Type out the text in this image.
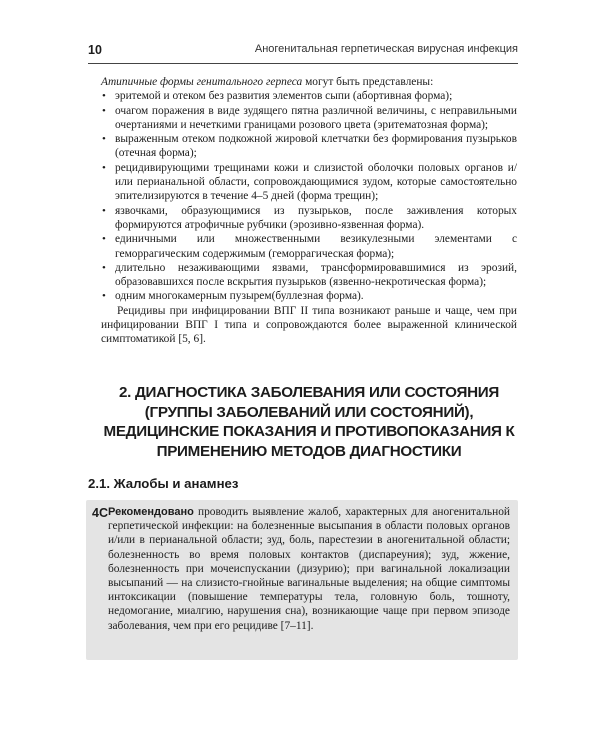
10	Аногенитальная герпетическая вирусная инфекция

Атипичные формы генитального герпеса могут быть представлены:

• эритемой и отеком без развития элементов сыпи (абортивная форма);
• очагом поражения в виде зудящего пятна различной величины, с неправильными очертаниями и нечеткими границами розового цвета (эритематозная форма);
• выраженным отеком подкожной жировой клетчатки без формирования пузырьков (отечная форма);
• рецидивирующими трещинами кожи и слизистой оболочки половых органов и/или перианальной области, сопровождающимися зудом, которые самостоятельно эпителизируются в течение 4–5 дней (форма трещин);
• язвочками, образующимися из пузырьков, после заживления которых формируются атрофичные рубчики (эрозивно-язвенная форма).
• единичными или множественными везикулезными элементами с геморрагическим содержимым (геморрагическая форма);
• длительно незаживающими язвами, трансформировавшимися из эрозий, образовавшихся после вскрытия пузырьков (язвенно-некротическая форма);
• одним многокамерным пузырем(буллезная форма).

Рецидивы при инфицировании ВПГ II типа возникают раньше и чаще, чем при инфицировании ВПГ I типа и сопровождаются более выраженной клинической симптоматикой [5, 6].

2. ДИАГНОСТИКА ЗАБОЛЕВАНИЯ ИЛИ СОСТОЯНИЯ (ГРУППЫ ЗАБОЛЕВАНИЙ ИЛИ СОСТОЯНИЙ), МЕДИЦИНСКИЕ ПОКАЗАНИЯ И ПРОТИВОПОКАЗАНИЯ К ПРИМЕНЕНИЮ МЕТОДОВ ДИАГНОСТИКИ
2.1. Жалобы и анамнез
4C Рекомендовано проводить выявление жалоб, характерных для аногенитальной герпетической инфекции: на болезненные высыпания в области половых органов и/или в перианальной области; зуд, боль, парестезии в аногенитальной области; болезненность во время половых контактов (диспареуния); зуд, жжение, болезненность при мочеиспускании (дизурию); при вагинальной локализации высыпаний — на слизисто-гнойные вагинальные выделения; на общие симптомы интоксикации (повышение температуры тела, головную боль, тошноту, недомогание, миалгию, нарушения сна), возникающие чаще при первом эпизоде заболевания, чем при его рецидиве [7–11].
